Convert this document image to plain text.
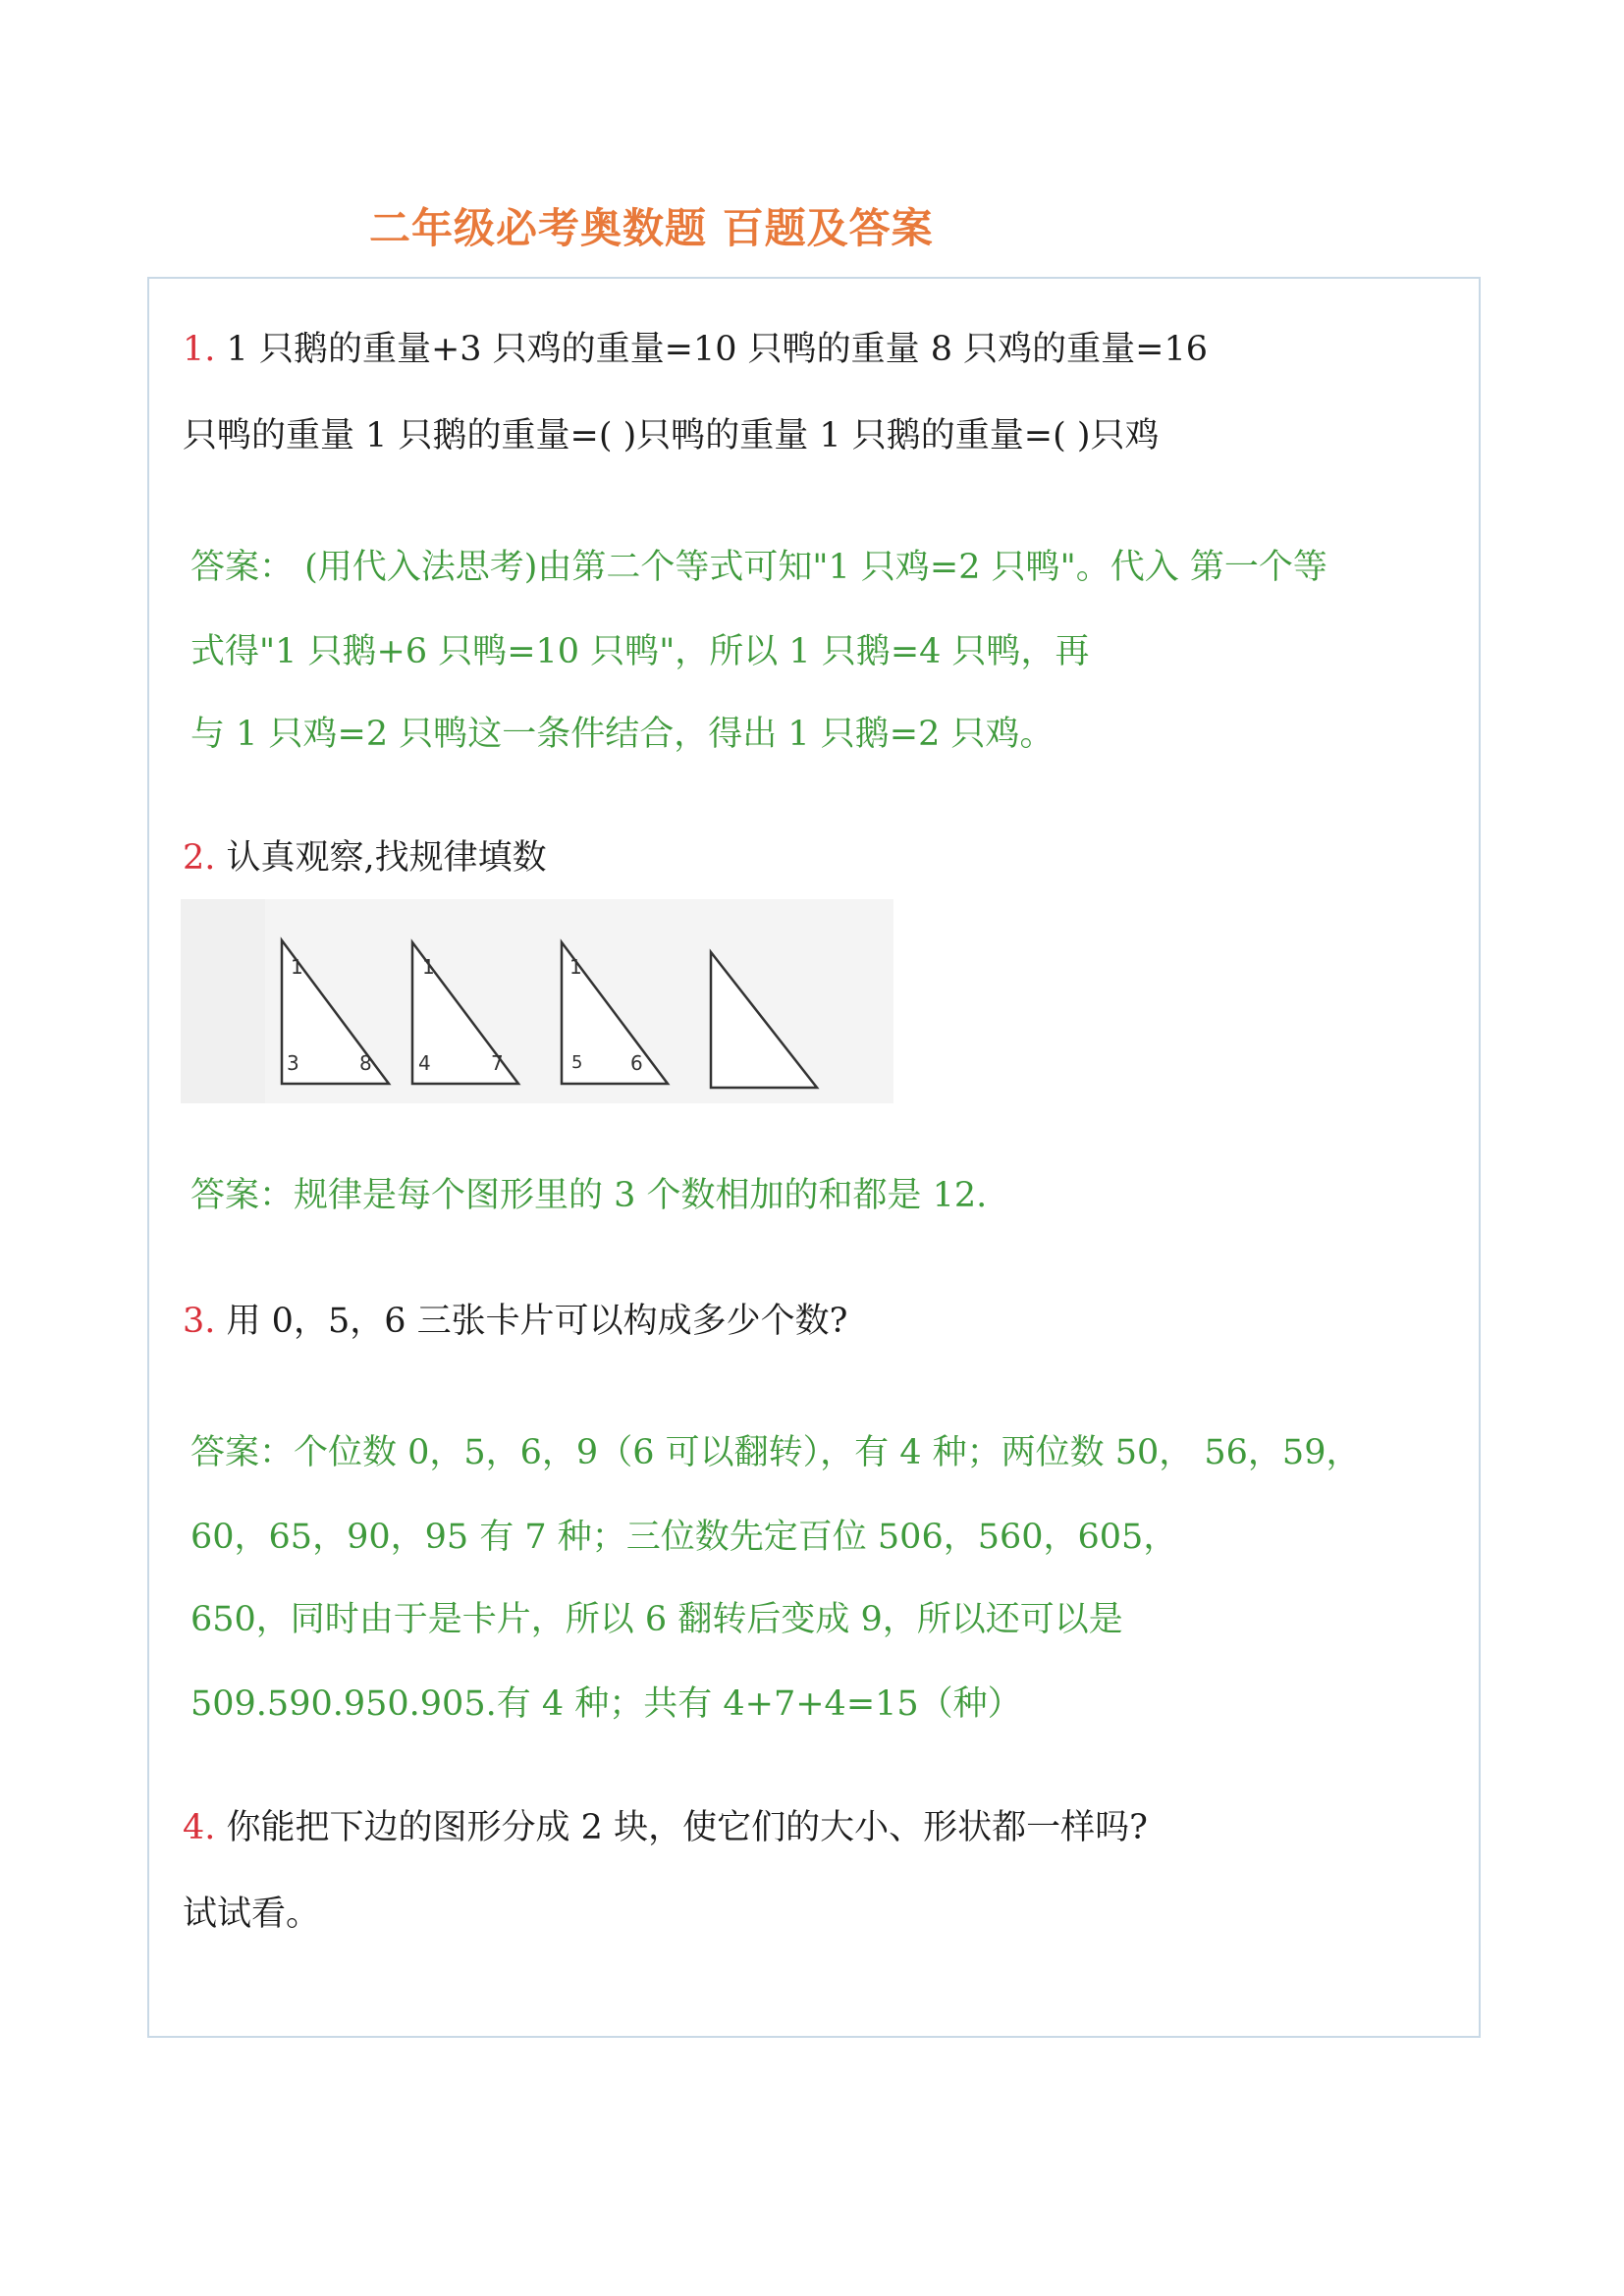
二年级必考奥数题 百题及答案
1. 1 只鹅的重量+3 只鸡的重量=10 只鸭的重量 8 只鸡的重量=16
只鸭的重量 1 只鹅的重量=( )只鸭的重量 1 只鹅的重量=( )只鸡
答案： (用代入法思考)由第二个等式可知"1 只鸡=2 只鸭"。代入 第一个等
式得"1 只鹅+6 只鸭=10 只鸭"，所以 1 只鹅=4 只鸭，再
与 1 只鸡=2 只鸭这一条件结合，得出 1 只鹅=2 只鸡。
2. 认真观察,找规律填数
1
3	8
1
4	7
1
5 6
答案：规律是每个图形里的 3 个数相加的和都是 12.
3. 用 0，5，6 三张卡片可以构成多少个数?
答案：个位数 0，5，6，9（6 可以翻转），有 4 种；两位数 50， 56，59，
60，65，90，95 有 7 种；三位数先定百位 506，560，605，
650，同时由于是卡片，所以 6 翻转后变成 9，所以还可以是
509.590.950.905.有 4 种；共有 4+7+4=15（种）
4. 你能把下边的图形分成 2 块，使它们的大小、形状都一样吗?
试试看。
